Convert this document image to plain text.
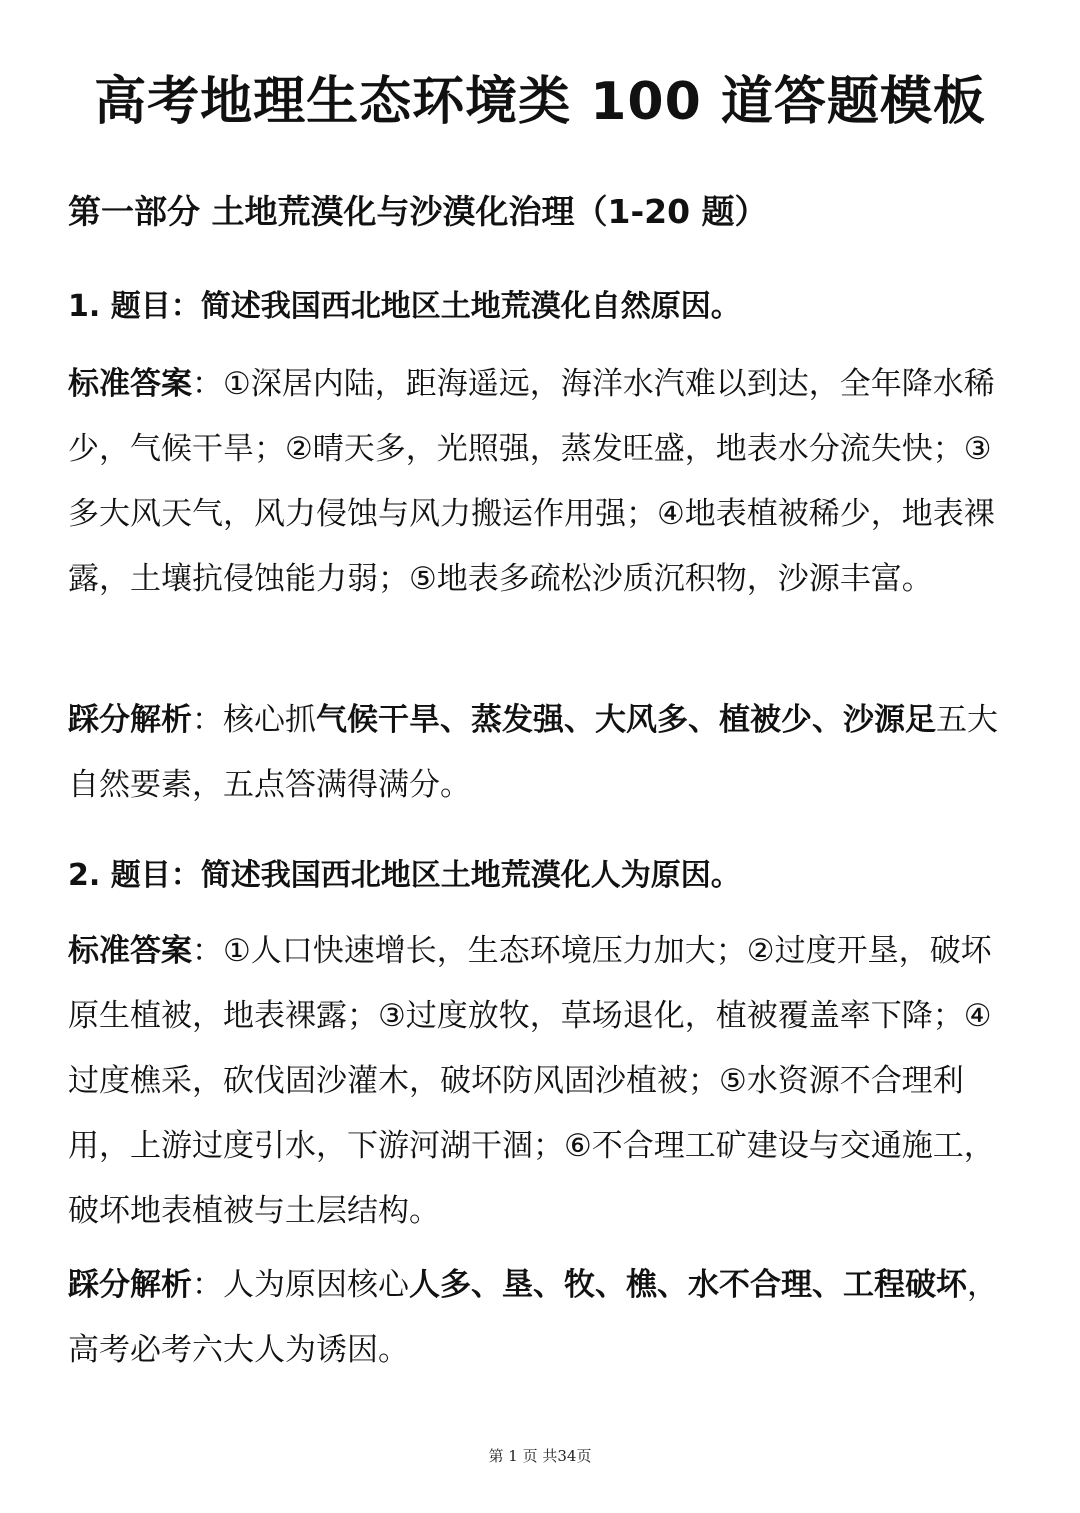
高考地理生态环境类 100 道答题模板
第一部分 土地荒漠化与沙漠化治理（1-20 题）
1. 题目：简述我国西北地区土地荒漠化自然原因。

标准答案：①深居内陆，距海遥远，海洋水汽难以到达，全年降水稀少，气候干旱；②晴天多，光照强，蒸发旺盛，地表水分流失快；③多大风天气，风力侵蚀与风力搬运作用强；④地表植被稀少，地表裸露，土壤抗侵蚀能力弱；⑤地表多疏松沙质沉积物，沙源丰富。

踩分解析：核心抓气候干旱、蒸发强、大风多、植被少、沙源足五大自然要素，五点答满得满分。

2. 题目：简述我国西北地区土地荒漠化人为原因。

标准答案：①人口快速增长，生态环境压力加大；②过度开垦，破坏原生植被，地表裸露；③过度放牧，草场退化，植被覆盖率下降；④过度樵采，砍伐固沙灌木，破坏防风固沙植被；⑤水资源不合理利用，上游过度引水，下游河湖干涸；⑥不合理工矿建设与交通施工，破坏地表植被与土层结构。

踩分解析：人为原因核心人多、垦、牧、樵、水不合理、工程破坏，高考必考六大人为诱因。

第 1 页 共34页
